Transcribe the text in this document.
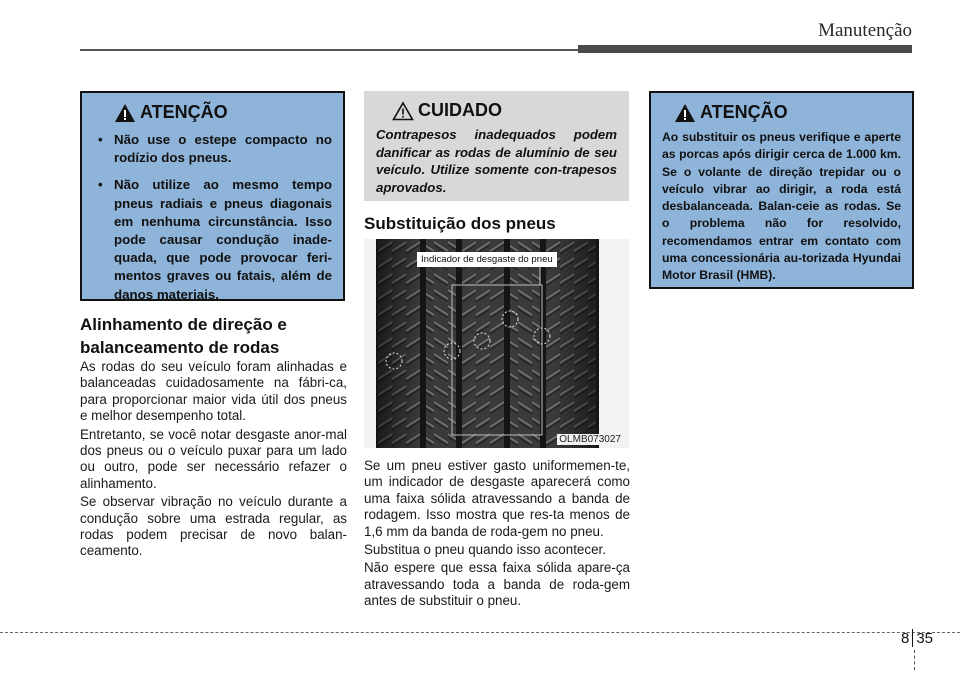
Manutenção
ATENÇÃO
• Não use o estepe compacto no rodízio dos pneus.
• Não utilize ao mesmo tempo pneus radiais e pneus diagonais em nenhuma circunstância. Isso pode causar condução inade-quada, que pode provocar feri-mentos graves ou fatais, além de danos materiais.
Alinhamento de direção e balanceamento de rodas

As rodas do seu veículo foram alinhadas e balanceadas cuidadosamente na fábri-ca, para proporcionar maior vida útil dos pneus e melhor desempenho total.

Entretanto, se você notar desgaste anor-mal dos pneus ou o veículo puxar para um lado ou outro, pode ser necessário refazer o alinhamento.

Se observar vibração no veículo durante a condução sobre uma estrada regular, as rodas podem precisar de novo balan-ceamento.

CUIDADO
Contrapesos inadequados podem danificar as rodas de alumínio de seu veículo. Utilize somente con-trapesos aprovados.
Substituição dos pneus
Indicador de desgaste do pneu
OLMB073027

Se um pneu estiver gasto uniformemen-te, um indicador de desgaste aparecerá como uma faixa sólida atravessando a banda de rodagem. Isso mostra que res-ta menos de 1,6 mm da banda de roda-gem no pneu.

Substitua o pneu quando isso acontecer.

Não espere que essa faixa sólida apare-ça atravessando toda a banda de roda-gem antes de substituir o pneu.

ATENÇÃO
Ao substituir os pneus verifique e aperte as porcas após dirigir cerca de 1.000 km. Se o volante de direção trepidar ou o veículo vibrar ao dirigir, a roda está desbalanceada. Balan-ceie as rodas. Se o problema não for resolvido, recomendamos entrar em contato com uma concessionária au-torizada Hyundai Motor Brasil (HMB).
8 35
